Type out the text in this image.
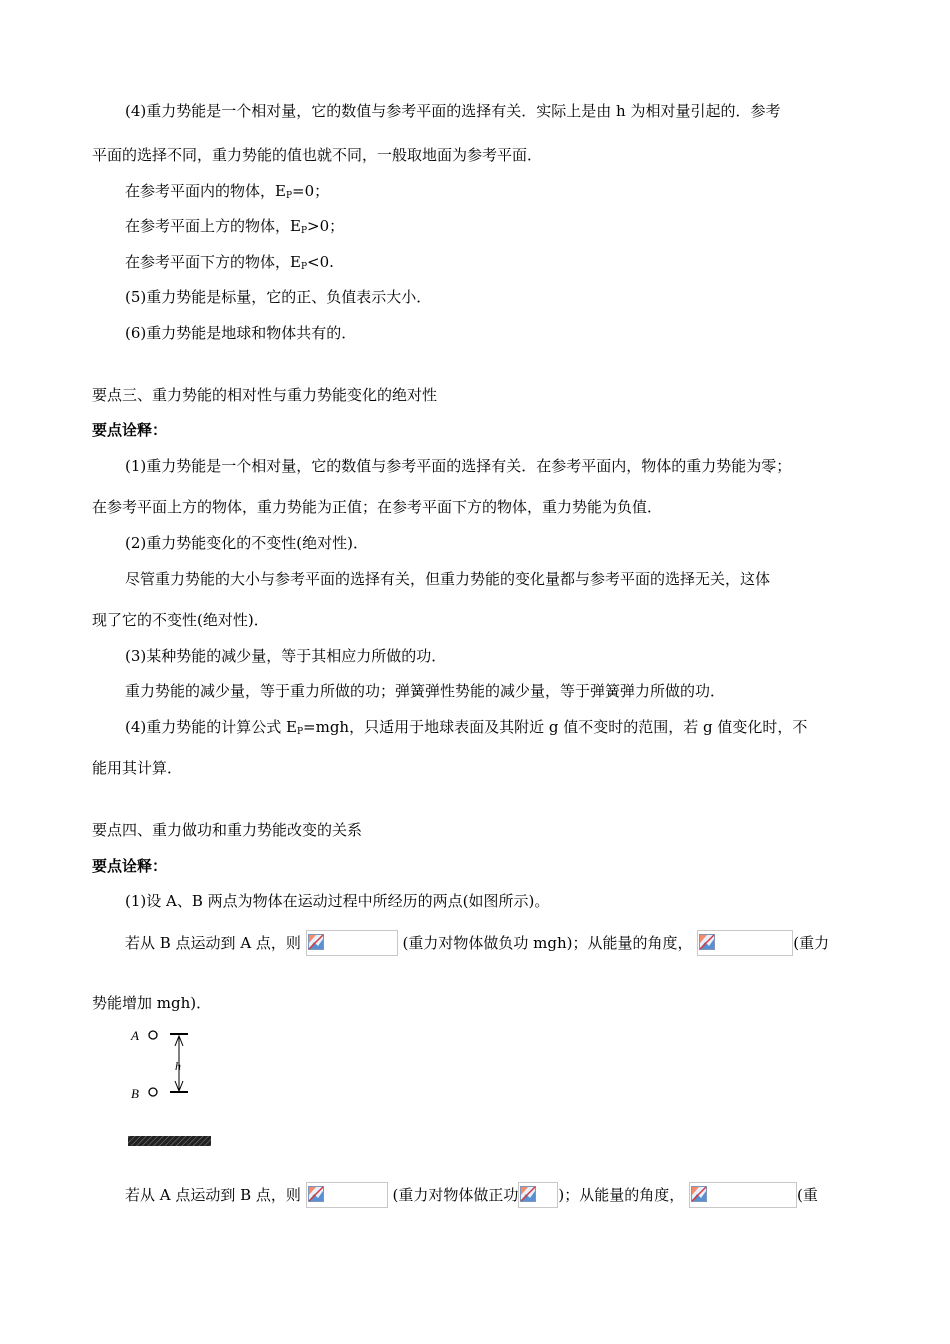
(4)重力势能是一个相对量，它的数值与参考平面的选择有关．实际上是由 h 为相对量引起的．参考
平面的选择不同，重力势能的值也就不同，一般取地面为参考平面．
在参考平面内的物体，$E_P=0$；
在参考平面上方的物体，$E_P>0$；
在参考平面下方的物体，$E_P<0$.
(5)重力势能是标量，它的正、负值表示大小．
(6)重力势能是地球和物体共有的．
要点三、重力势能的相对性与重力势能变化的绝对性
要点诠释：
(1)重力势能是一个相对量，它的数值与参考平面的选择有关．在参考平面内，物体的重力势能为零；
在参考平面上方的物体，重力势能为正值；在参考平面下方的物体，重力势能为负值．
(2)重力势能变化的不变性(绝对性)．
尽管重力势能的大小与参考平面的选择有关，但重力势能的变化量都与参考平面的选择无关，这体
现了它的不变性(绝对性)．
(3)某种势能的减少量，等于其相应力所做的功．
重力势能的减少量，等于重力所做的功；弹簧弹性势能的减少量，等于弹簧弹力所做的功．
(4)重力势能的计算公式 $E_P=mgh$，只适用于地球表面及其附近 g 值不变时的范围，若 g 值变化时，不
能用其计算．
要点四、重力做功和重力势能改变的关系
要点诠释：
(1)设 A、B 两点为物体在运动过程中所经历的两点(如图所示)。
若从 B 点运动到 A 点，则	(重力对物体做负功 mgh)；从能量的角度，	(重力
势能增加 mgh)．
A
h
B
若从 A 点运动到 B 点，则	(重力对物体做正功	)；从能量的角度，	(重
